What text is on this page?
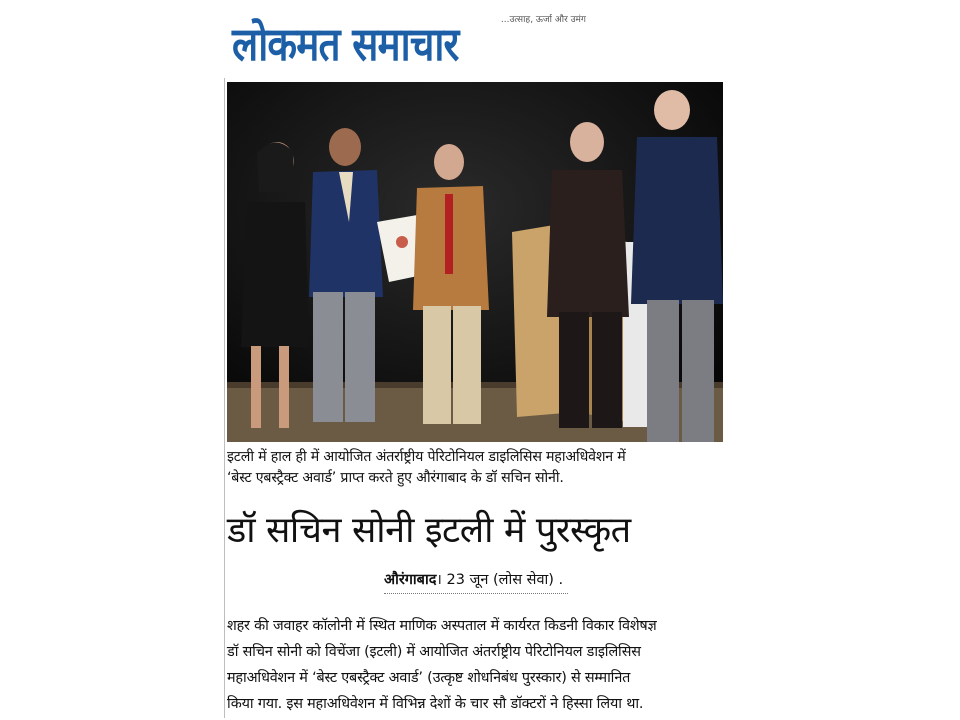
लोकमत समाचार	...उत्साह, ऊर्जा और उमंग
इटली में हाल ही में आयोजित अंतर्राष्ट्रीय पेरिटोनियल डाइलिसिस महाअधिवेशन में
‘बेस्ट एबस्ट्रैक्ट अवार्ड’ प्राप्त करते हुए औरंगाबाद के डॉ सचिन सोनी.
डॉ सचिन सोनी इटली में पुरस्कृत
औरंगाबाद। 23 जून (लोस सेवा) .
शहर की जवाहर कॉलोनी में स्थित माणिक अस्पताल में कार्यरत किडनी विकार विशेषज्ञ
डॉ सचिन सोनी को विचेंजा (इटली) में आयोजित अंतर्राष्ट्रीय पेरिटोनियल डाइलिसिस
महाअधिवेशन में ‘बेस्ट एबस्ट्रैक्ट अवार्ड’ (उत्कृष्ट शोधनिबंध पुरस्कार) से सम्मानित
किया गया. इस महाअधिवेशन में विभिन्न देशों के चार सौ डॉक्टरों ने हिस्सा लिया था.
